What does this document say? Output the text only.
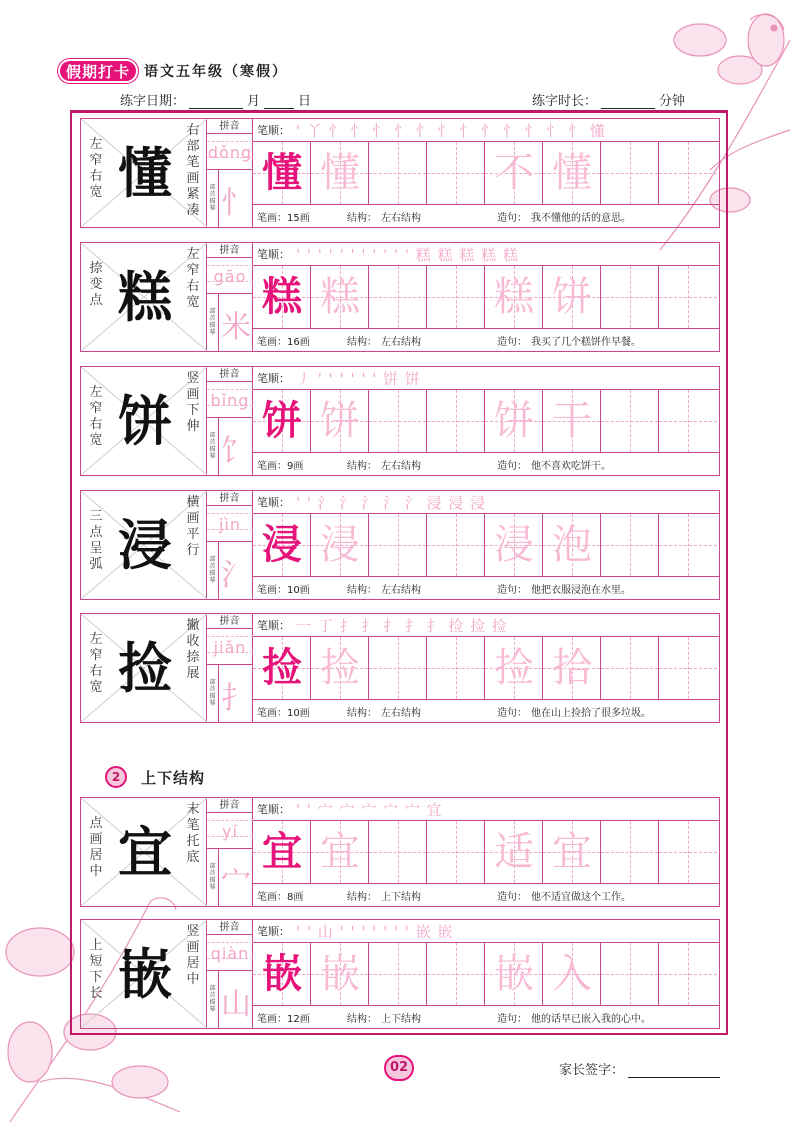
假期打卡	语文五年级（寒假）
练字日期：	月	日	练字时长：	分钟
左窄右宽 懂
右部笔画紧凑
拼音
dǒng
部首描摹 忄
笔顺： ' 丫 忄 忄 忄 忄 忄 忄 忄 忄 忄 忄 忄 忄 懂
懂 懂	不 懂
笔画：15画	结构： 左右结构	造句： 我不懂他的话的意思。
捺变点 糕
左窄右宽
拼音
gāo
部首描摹 米
笔顺： ' ' ' ' ' ' ' ' ' ' ' 糕 糕 糕 糕 糕
糕 糕	糕 饼
笔画：16画	结构： 左右结构	造句： 我买了几个糕饼作早餐。
左窄右宽 饼
竖画下伸
拼音
bǐng
部首描摹 饣
笔顺： 丿 ' ' ' ' ' ' 饼 饼
饼 饼	饼 干
笔画：9画	结构： 左右结构	造句： 他不喜欢吃饼干。
三点呈弧 浸
横画平行
拼音
jìn
部首描摹 氵
笔顺： ' ' 氵 氵 氵 氵 氵 浸 浸 浸
浸 浸	浸 泡
笔画：10画	结构： 左右结构	造句： 他把衣服浸泡在水里。
左窄右宽 捡
撇收捺展
拼音
jiǎn
部首描摹 扌
笔顺： 一 丁 扌 扌 扌 扌 扌 捡 捡 捡
捡 捡	捡 拾
笔画：10画	结构： 左右结构	造句： 他在山上捡拾了很多垃圾。
点画居中 宜
末笔托底
拼音
yí
部首描摹 宀
笔顺： ' ' 宀 宀 宀 宀 宀 宜
宜 宜	适 宜
笔画：8画	结构： 上下结构	造句： 他不适宜做这个工作。
上短下长 嵌
竖画居中
拼音
qiàn
部首描摹 山
笔顺： ' ' 山 ' ' ' ' ' ' ' 嵌 嵌
嵌 嵌	嵌 入
笔画：12画	结构： 上下结构	造句： 他的话早已嵌入我的心中。
2	上下结构
02	家长签字：
